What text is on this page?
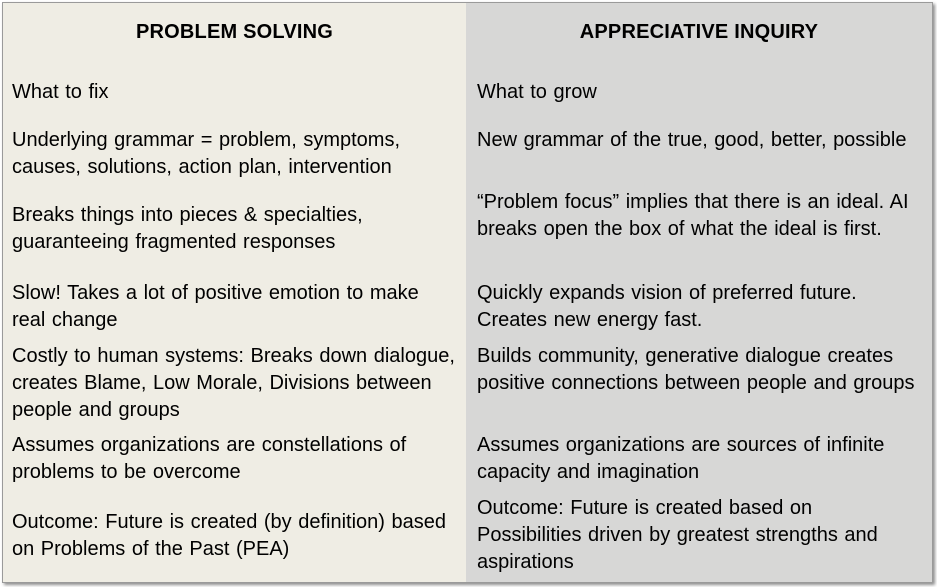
PROBLEM SOLVING
What to fix
Underlying grammar = problem, symptoms, causes, solutions, action plan, intervention
Breaks things into pieces & specialties, guaranteeing fragmented responses
Slow! Takes a lot of positive emotion to make real change
Costly to human systems: Breaks down dialogue, creates Blame, Low Morale, Divisions between people and groups
Assumes organizations are constellations of problems to be overcome
Outcome: Future is created (by definition) based on Problems of the Past (PEA)
APPRECIATIVE INQUIRY
What to grow
New grammar of the true, good, better, possible
“Problem focus” implies that there is an ideal. AI breaks open the box of what the ideal is first.
Quickly expands vision of preferred future. Creates new energy fast.
Builds community, generative dialogue creates positive connections between people and groups
Assumes organizations are sources of infinite capacity and imagination
Outcome: Future is created based on Possibilities driven by greatest strengths and aspirations
